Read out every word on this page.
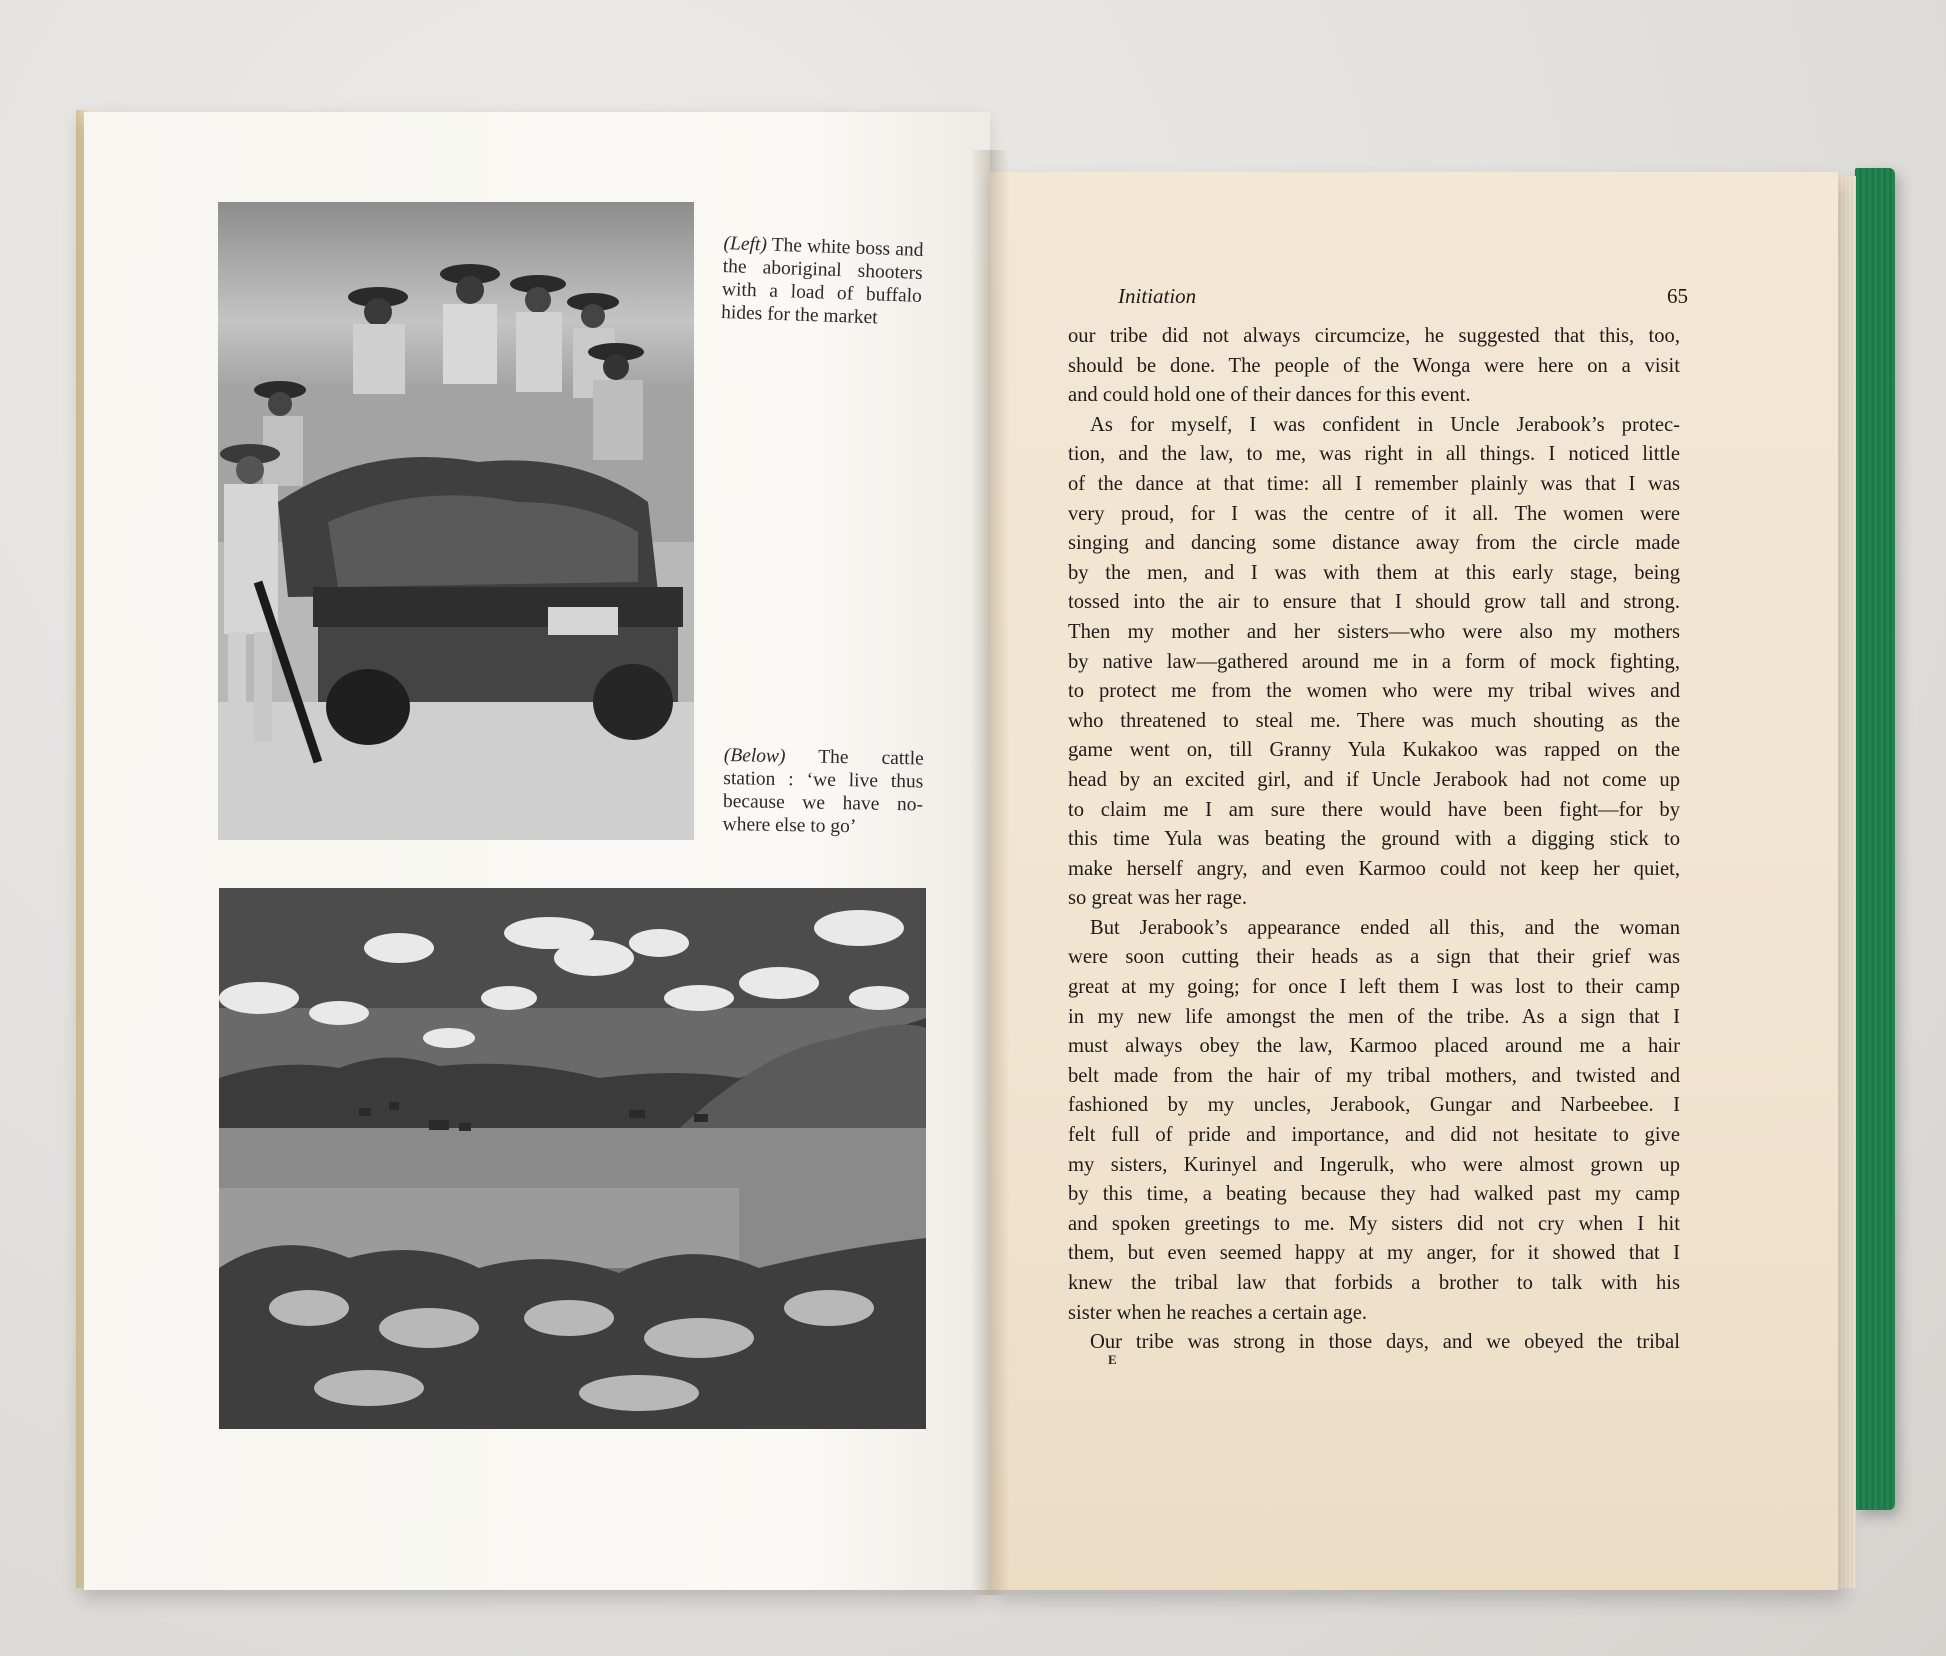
(Left) The white boss and the aboriginal shooters with a load of buffalo hides for the market
(Below) The cattle station : ‘we live thus because we have no-where else to go’
Initiation	65

our tribe did not always circumcize, he suggested that this, too,

should be done. The people of the Wonga were here on a visit

and could hold one of their dances for this event.

As for myself, I was confident in Uncle Jerabook’s protec-

tion, and the law, to me, was right in all things. I noticed little

of the dance at that time: all I remember plainly was that I was

very proud, for I was the centre of it all. The women were

singing and dancing some distance away from the circle made

by the men, and I was with them at this early stage, being

tossed into the air to ensure that I should grow tall and strong.

Then my mother and her sisters—who were also my mothers

by native law—gathered around me in a form of mock fighting,

to protect me from the women who were my tribal wives and

who threatened to steal me. There was much shouting as the

game went on, till Granny Yula Kukakoo was rapped on the

head by an excited girl, and if Uncle Jerabook had not come up

to claim me I am sure there would have been fight—for by

this time Yula was beating the ground with a digging stick to

make herself angry, and even Karmoo could not keep her quiet,

so great was her rage.

But Jerabook’s appearance ended all this, and the woman

were soon cutting their heads as a sign that their grief was

great at my going; for once I left them I was lost to their camp

in my new life amongst the men of the tribe. As a sign that I

must always obey the law, Karmoo placed around me a hair

belt made from the hair of my tribal mothers, and twisted and

fashioned by my uncles, Jerabook, Gungar and Narbeebee. I

felt full of pride and importance, and did not hesitate to give

my sisters, Kurinyel and Ingerulk, who were almost grown up

by this time, a beating because they had walked past my camp

and spoken greetings to me. My sisters did not cry when I hit

them, but even seemed happy at my anger, for it showed that I

knew the tribal law that forbids a brother to talk with his

sister when he reaches a certain age.

Our tribe was strong in those days, and we obeyed the tribal

E
